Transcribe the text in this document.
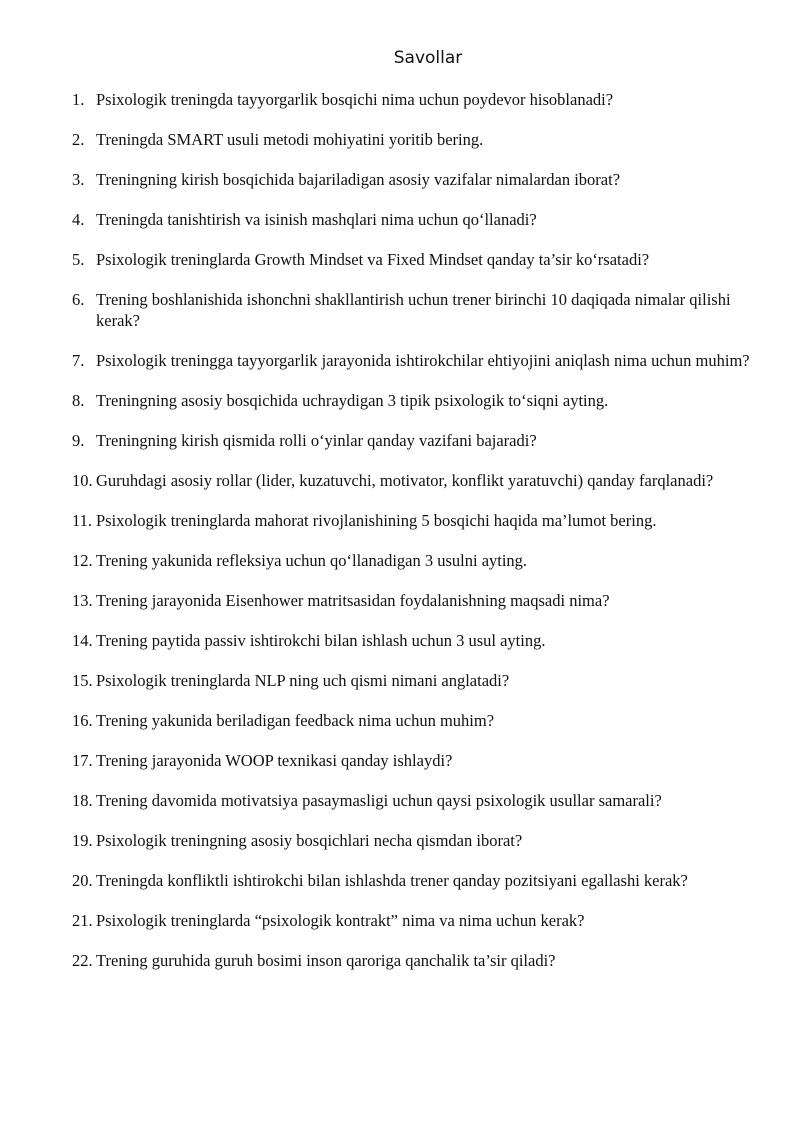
Savollar
1. Psixologik treningda tayyorgarlik bosqichi nima uchun poydevor hisoblanadi?
2. Treningda SMART usuli metodi mohiyatini yoritib bering.
3. Treningning kirish bosqichida bajariladigan asosiy vazifalar nimalardan iborat?
4. Treningda tanishtirish va isinish mashqlari nima uchun qo‘llanadi?
5. Psixologik treninglarda Growth Mindset va Fixed Mindset qanday ta’sir ko‘rsatadi?
6. Trening boshlanishida ishonchni shakllantirish uchun trener birinchi 10 daqiqada nimalar qilishi kerak?
7. Psixologik treningga tayyorgarlik jarayonida ishtirokchilar ehtiyojini aniqlash nima uchun muhim?
8. Treningning asosiy bosqichida uchraydigan 3 tipik psixologik to‘siqni ayting.
9. Treningning kirish qismida rolli o‘yinlar qanday vazifani bajaradi?
10. Guruhdagi asosiy rollar (lider, kuzatuvchi, motivator, konflikt yaratuvchi) qanday farqlanadi?
11. Psixologik treninglarda mahorat rivojlanishining 5 bosqichi haqida ma’lumot bering.
12. Trening yakunida refleksiya uchun qo‘llanadigan 3 usulni ayting.
13. Trening jarayonida Eisenhower matritsasidan foydalanishning maqsadi nima?
14. Trening paytida passiv ishtirokchi bilan ishlash uchun 3 usul ayting.
15. Psixologik treninglarda NLP ning uch qismi nimani anglatadi?
16. Trening yakunida beriladigan feedback nima uchun muhim?
17. Trening jarayonida WOOP texnikasi qanday ishlaydi?
18. Trening davomida motivatsiya pasaymasligi uchun qaysi psixologik usullar samarali?
19. Psixologik treningning asosiy bosqichlari necha qismdan iborat?
20. Treningda konfliktli ishtirokchi bilan ishlashda trener qanday pozitsiyani egallashi kerak?
21. Psixologik treninglarda “psixologik kontrakt” nima va nima uchun kerak?
22. Trening guruhida guruh bosimi inson qaroriga qanchalik ta’sir qiladi?
